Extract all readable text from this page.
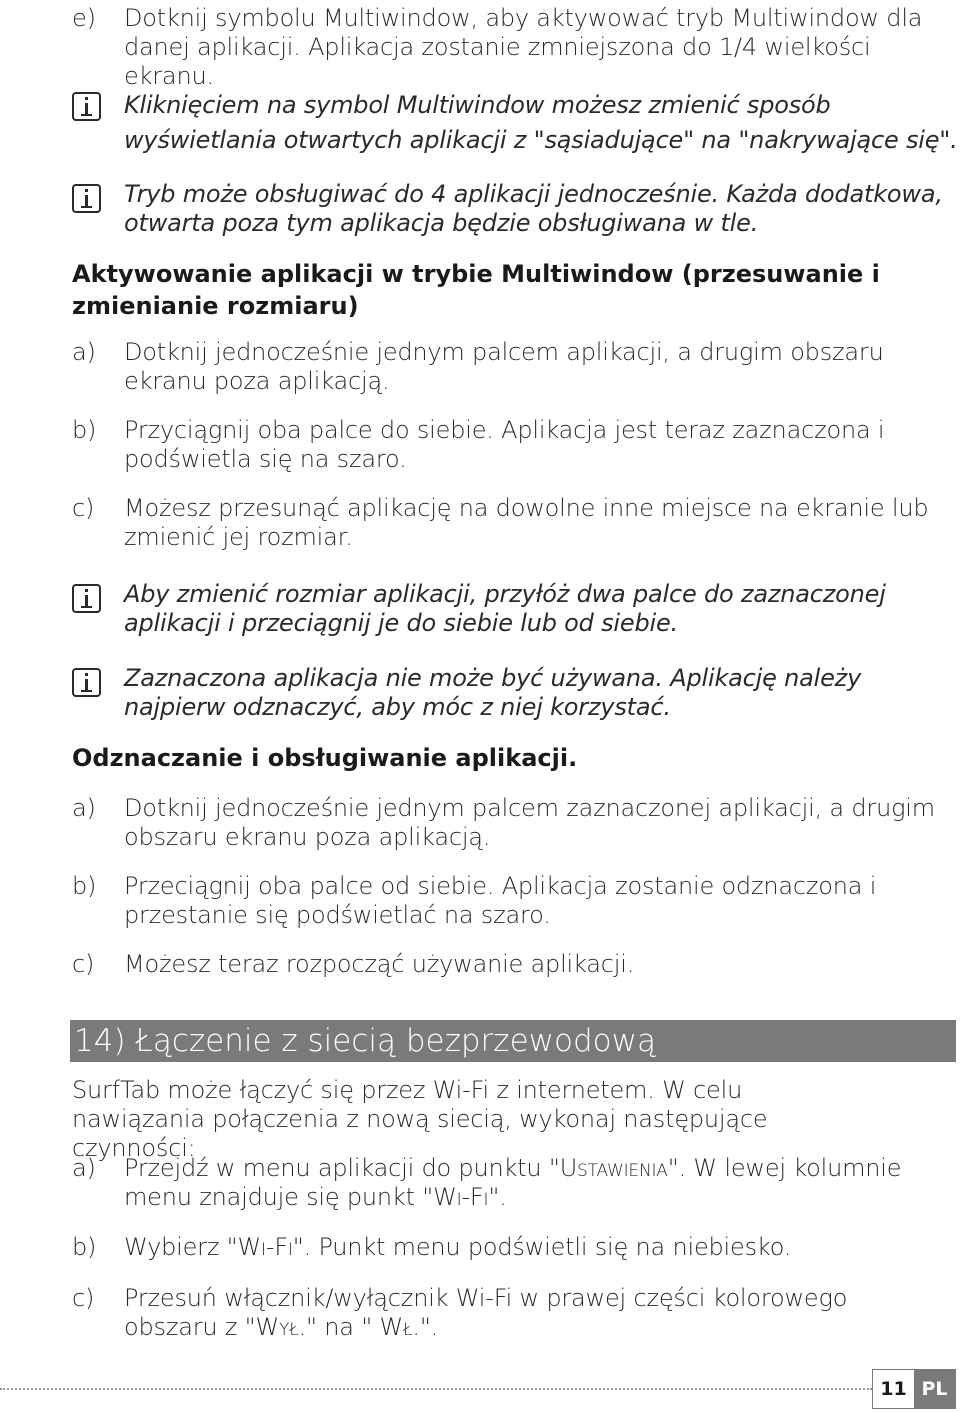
e) Dotknij symbolu Multiwindow, aby aktywować tryb Multiwindow dla danej aplikacji. Aplikacja zostanie zmniejszona do 1/4 wielkości ekranu.
Kliknięciem na symbol Multiwindow możesz zmienić sposób wyświetlania otwartych aplikacji z "sąsiadujące" na "nakrywające się".
Tryb może obsługiwać do 4 aplikacji jednocześnie. Każda dodatkowa, otwarta poza tym aplikacja będzie obsługiwana w tle.
Aktywowanie aplikacji w trybie Multiwindow (przesuwanie i zmienianie rozmiaru)
a) Dotknij jednocześnie jednym palcem aplikacji, a drugim obszaru ekranu poza aplikacją.
b) Przyciągnij oba palce do siebie. Aplikacja jest teraz zaznaczona i podświetla się na szaro.
c) Możesz przesunąć aplikację na dowolne inne miejsce na ekranie lub zmienić jej rozmiar.
Aby zmienić rozmiar aplikacji, przyłóż dwa palce do zaznaczonej aplikacji i przeciągnij je do siebie lub od siebie.
Zaznaczona aplikacja nie może być używana. Aplikację należy najpierw odznaczyć, aby móc z niej korzystać.
Odznaczanie i obsługiwanie aplikacji.
a) Dotknij jednocześnie jednym palcem zaznaczonej aplikacji, a drugim obszaru ekranu poza aplikacją.
b) Przeciągnij oba palce od siebie. Aplikacja zostanie odznaczona i przestanie się podświetlać na szaro.
c) Możesz teraz rozpocząć używanie aplikacji.
14) Łączenie z siecią bezprzewodową
SurfTab może łączyć się przez Wi-Fi z internetem. W celu nawiązania połączenia z nową siecią, wykonaj następujące czynności:
a) Przejdź w menu aplikacji do punktu "Ustawienia". W lewej kolumnie menu znajduje się punkt "Wi-Fi".
b) Wybierz "Wi-Fi". Punkt menu podświetli się na niebiesko.
c) Przesuń włącznik/wyłącznik Wi-Fi w prawej części kolorowego obszaru z "Wył." na " Wł.".
11 PL
